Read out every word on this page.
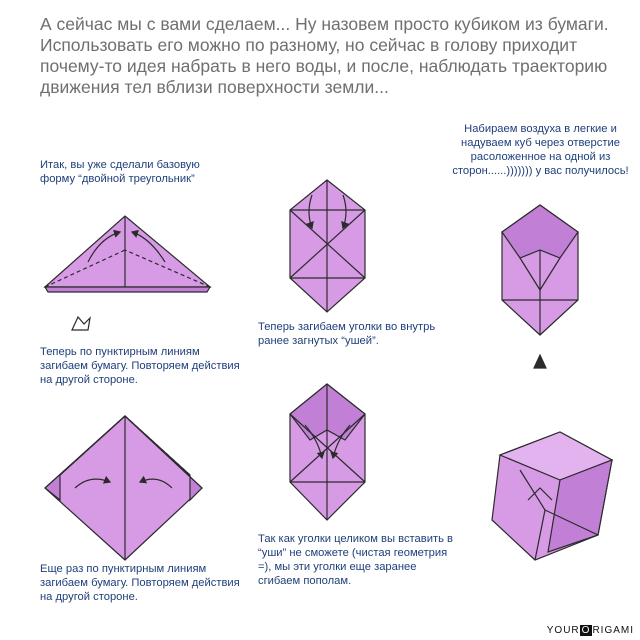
А сейчас мы с вами сделаем... Ну назовем просто кубиком из бумаги. Использовать его можно по разному, но сейчас в голову приходит почему-то идея набрать в него воды, и после, наблюдать траекторию движения тел вблизи поверхности земли...

Итак, вы уже сделали базовую форму “двойной треугольник”

Теперь по пунктирным линиям загибаем бумагу. Повторяем действия на другой стороне.

Еще раз по пунктирным линиям загибаем бумагу. Повторяем действия на другой стороне.

Теперь загибаем уголки во внутрь ранее загнутых “ушей”.

Так как уголки целиком вы вставить в “уши” не сможете (чистая геометрия =), мы эти уголки еще заранее сгибаем пополам.

Набираем воздуха в легкие и надуваем куб через отверстие расоложенное на одной из сторон......))))))) у вас получилось!

YOUR O RIGAMI
